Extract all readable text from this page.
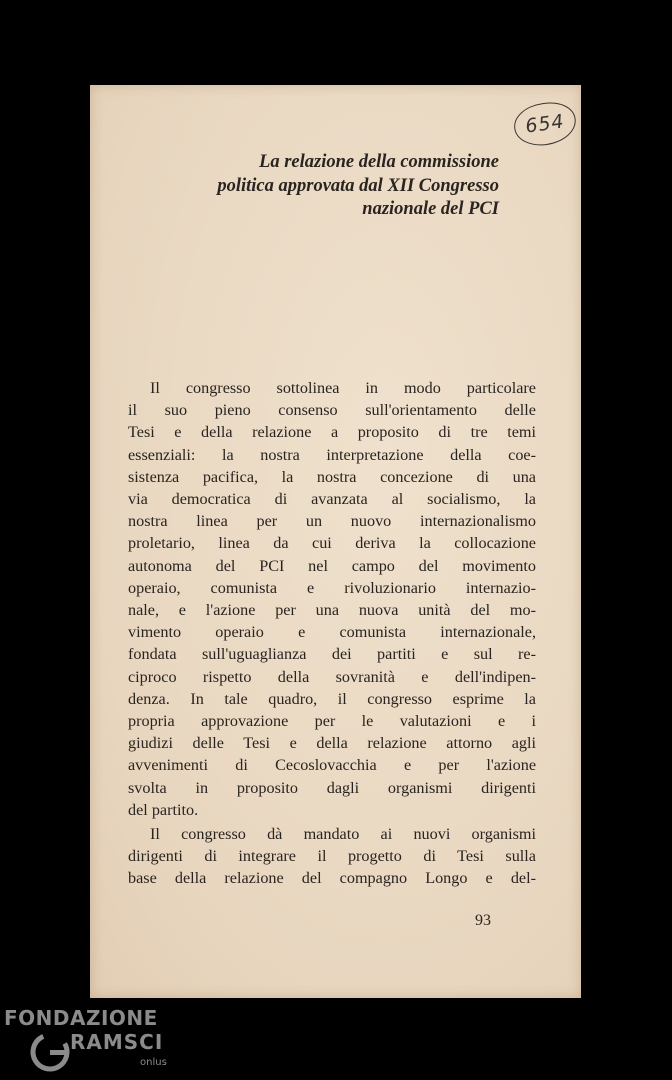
654
La relazione della commissione
politica approvata dal XII Congresso
nazionale del PCI

Il congresso sottolinea in modo particolare
il suo pieno consenso sull'orientamento delle
Tesi e della relazione a proposito di tre temi
essenziali: la nostra interpretazione della coe-
sistenza pacifica, la nostra concezione di una
via democratica di avanzata al socialismo, la
nostra linea per un nuovo internazionalismo
proletario, linea da cui deriva la collocazione
autonoma del PCI nel campo del movimento
operaio, comunista e rivoluzionario internazio-
nale, e l'azione per una nuova unità del mo-
vimento operaio e comunista internazionale,
fondata sull'uguaglianza dei partiti e sul re-
ciproco rispetto della sovranità e dell'indipen-
denza. In tale quadro, il congresso esprime la
propria approvazione per le valutazioni e i
giudizi delle Tesi e della relazione attorno agli
avvenimenti di Cecoslovacchia e per l'azione
svolta in proposito dagli organismi dirigenti
del partito.

Il congresso dà mandato ai nuovi organismi
dirigenti di integrare il progetto di Tesi sulla
base della relazione del compagno Longo e del-

93
FONDAZIONE
RAMSCI
onlus
